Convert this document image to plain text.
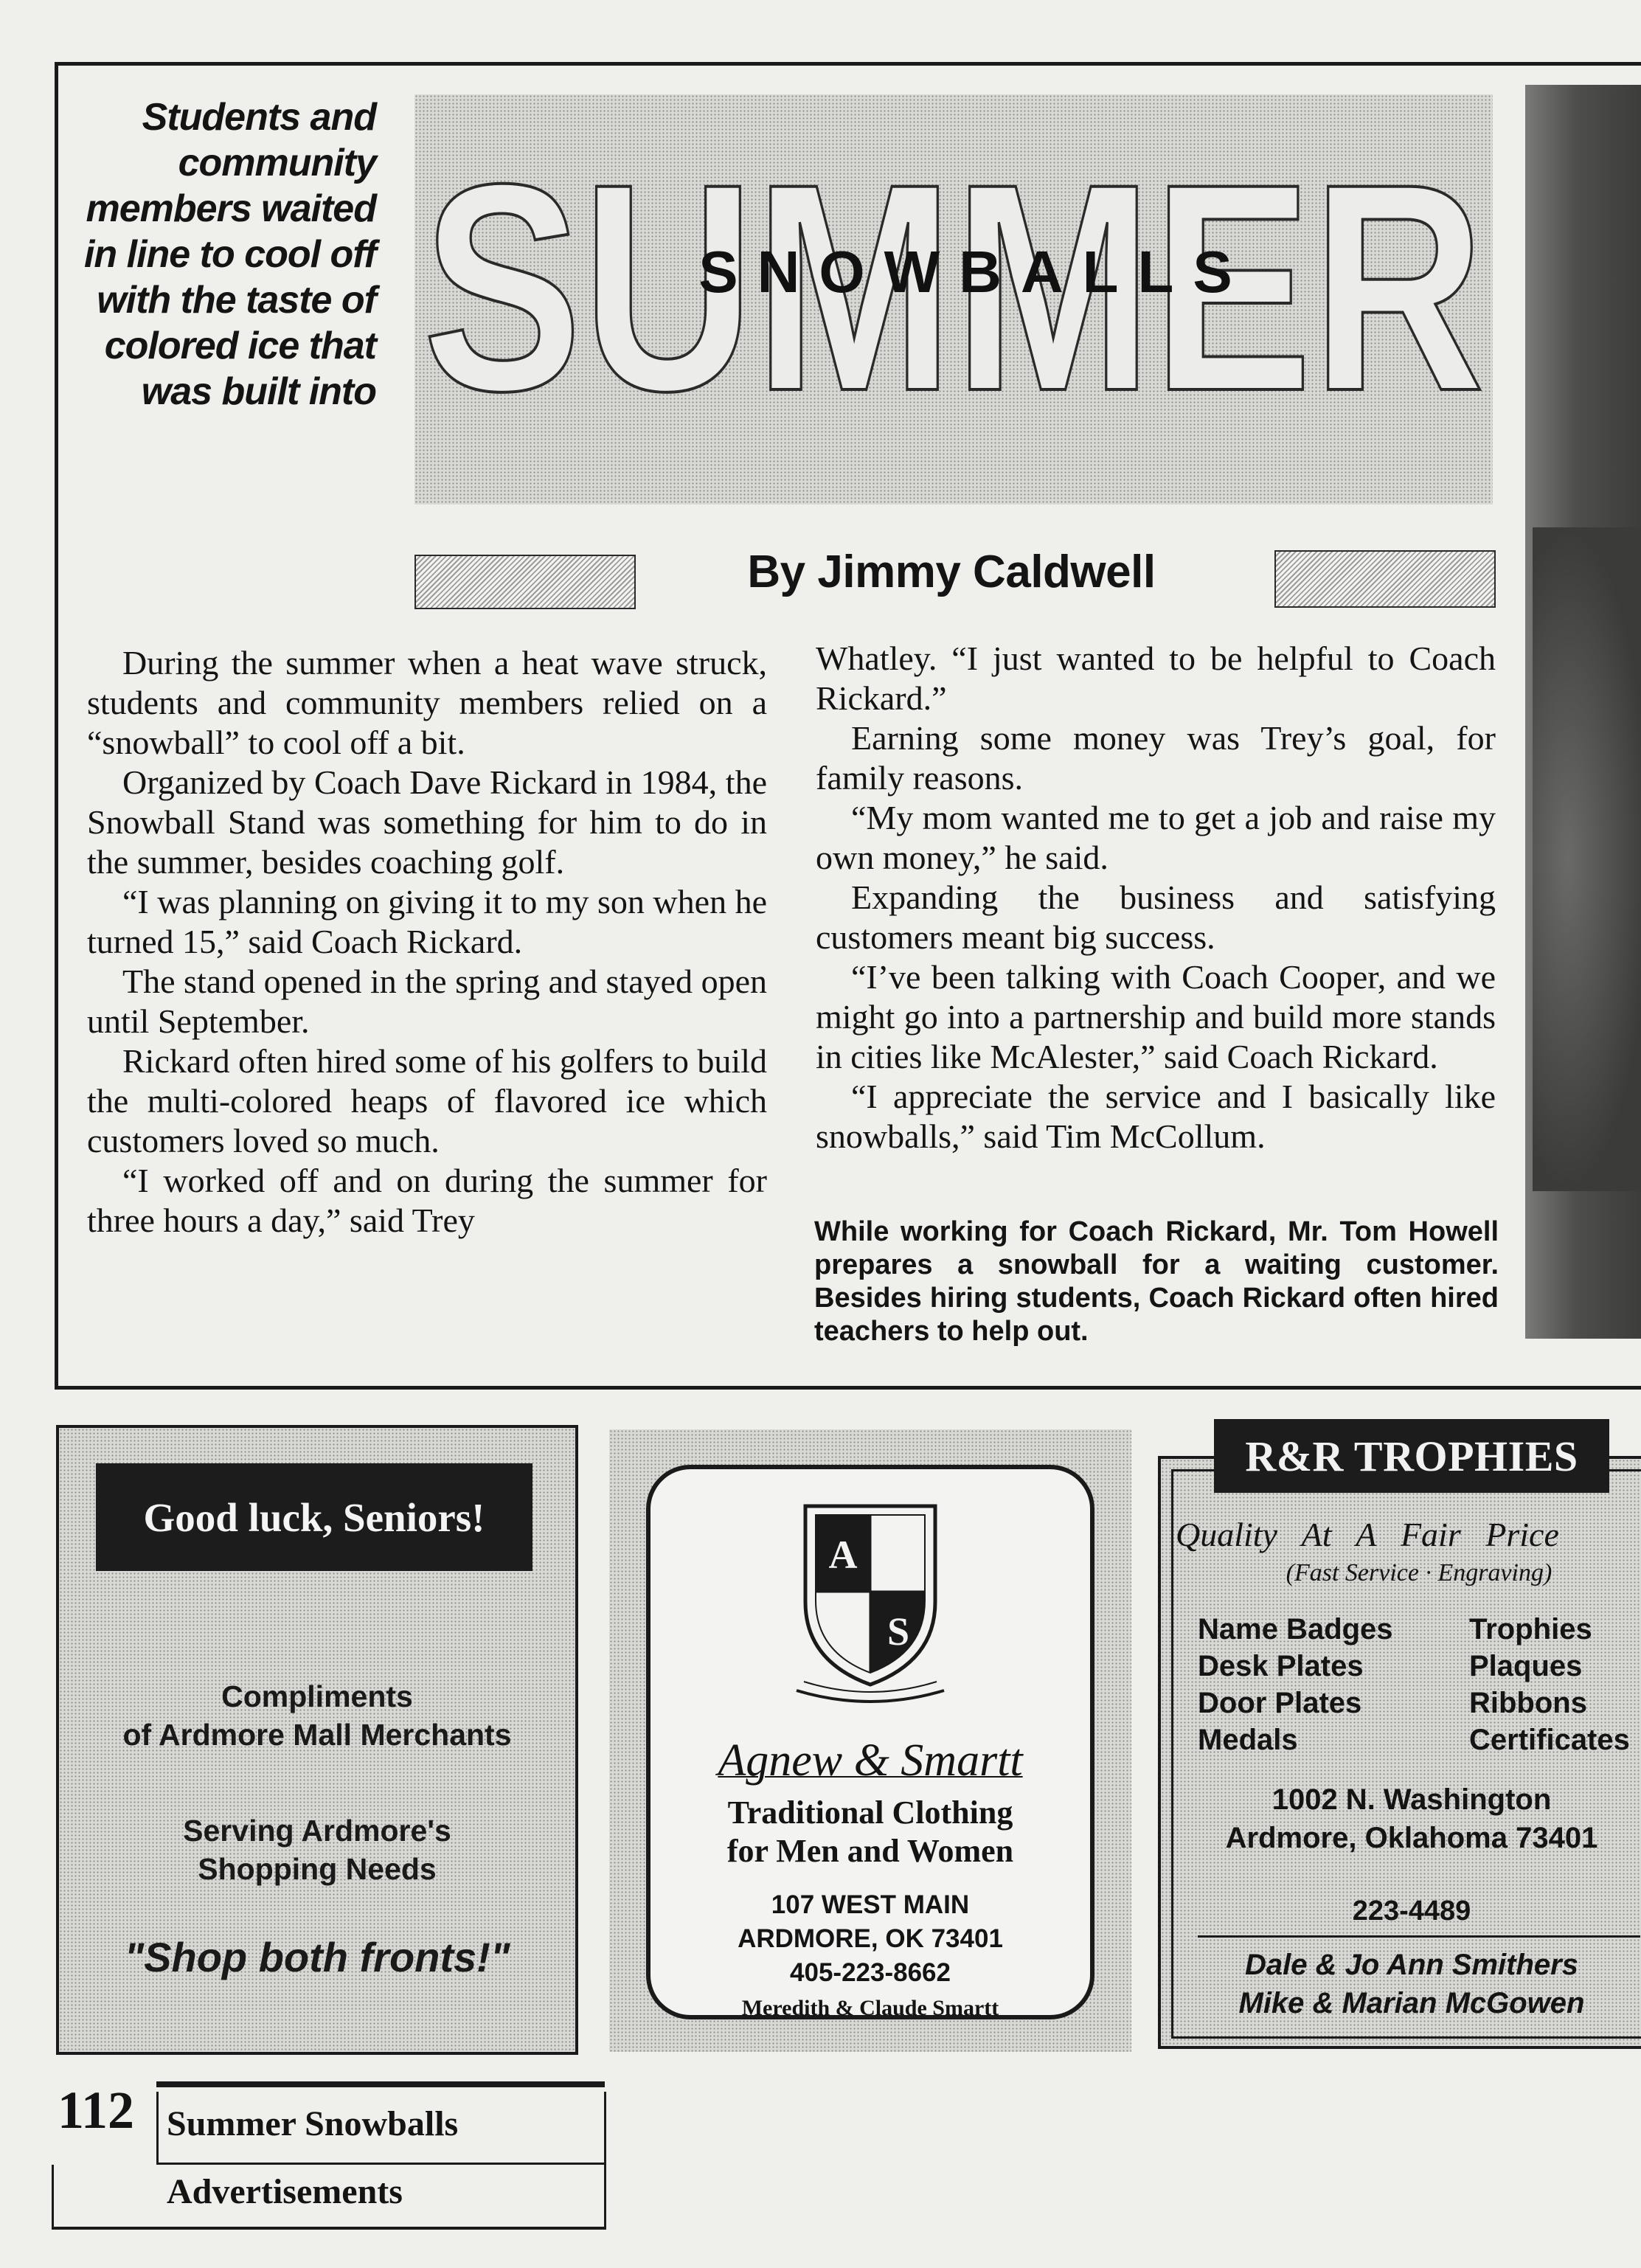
Students and community members waited in line to cool off with the taste of colored ice that was built into SUMMER
SNOWBALLS
By Jimmy Caldwell

During the summer when a heat wave struck, students and community members relied on a “snowball” to cool off a bit.

Organized by Coach Dave Rickard in 1984, the Snowball Stand was something for him to do in the summer, besides coaching golf.

“I was planning on giving it to my son when he turned 15,” said Coach Rickard.

The stand opened in the spring and stayed open until September.

Rickard often hired some of his golfers to build the multi-colored heaps of flavored ice which customers loved so much.

“I worked off and on during the summer for three hours a day,” said Trey

Whatley. “I just wanted to be helpful to Coach Rickard.”

Earning some money was Trey’s goal, for family reasons.

“My mom wanted me to get a job and raise my own money,” he said.

Expanding the business and satisfying customers meant big success.

“I’ve been talking with Coach Cooper, and we might go into a partnership and build more stands in cities like McAlester,” said Coach Rickard.

“I appreciate the service and I basically like snowballs,” said Tim McCollum.

While working for Coach Rickard, Mr. Tom Howell prepares a snowball for a waiting customer. Besides hiring students, Coach Rickard often hired teachers to help out.
Good luck, Seniors!
Compliments
of Ardmore Mall Merchants
Serving Ardmore's
Shopping Needs
"Shop both fronts!"
A
S
Agnew & Smartt
Traditional Clothing
for Men and Women
107 WEST MAIN
ARDMORE, OK 73401
405-223-8662
Meredith & Claude Smartt
Quality At A Fair Price
(Fast Service · Engraving)
Name Badges
Desk Plates
Door Plates
Medals
Trophies
Plaques
Ribbons
Certificates
1002 N. Washington
Ardmore, Oklahoma 73401
223-4489
Dale & Jo Ann Smithers
Mike & Marian McGowen
R&R TROPHIES
112 Summer Snowballs
Advertisements
